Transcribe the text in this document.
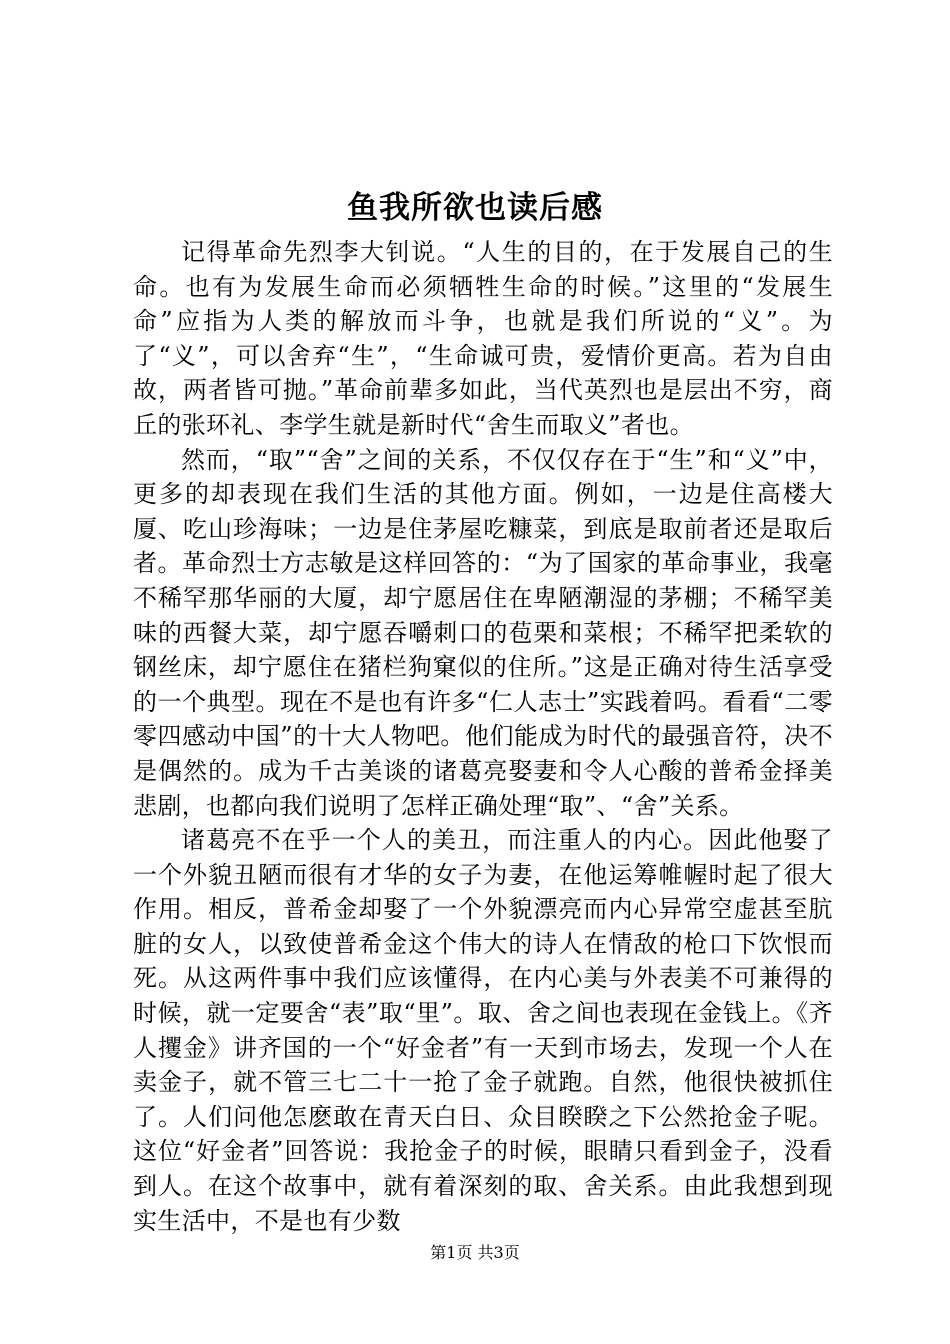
鱼我所欲也读后感

记得革命先烈李大钊说。“人生的目的，在于发展自己的生命。也有为发展生命而必须牺牲生命的时候。”这里的“发展生命”应指为人类的解放而斗争，也就是我们所说的“义”。为了“义”，可以舍弃“生”，“生命诚可贵，爱情价更高。若为自由故，两者皆可抛。”革命前辈多如此，当代英烈也是层出不穷，商丘的张环礼、李学生就是新时代“舍生而取义”者也。

然而，“取”“舍”之间的关系，不仅仅存在于“生”和“义”中，更多的却表现在我们生活的其他方面。例如，一边是住高楼大厦、吃山珍海味；一边是住茅屋吃糠菜，到底是取前者还是取后者。革命烈士方志敏是这样回答的：“为了国家的革命事业，我毫不稀罕那华丽的大厦，却宁愿居住在卑陋潮湿的茅棚；不稀罕美味的西餐大菜，却宁愿吞嚼刺口的苞栗和菜根；不稀罕把柔软的钢丝床，却宁愿住在猪栏狗窠似的住所。”这是正确对待生活享受的一个典型。现在不是也有许多“仁人志士”实践着吗。看看“二零零四感动中国”的十大人物吧。他们能成为时代的最强音符，决不是偶然的。成为千古美谈的诸葛亮娶妻和令人心酸的普希金择美悲剧，也都向我们说明了怎样正确处理“取”、“舍”关系。

诸葛亮不在乎一个人的美丑，而注重人的内心。因此他娶了一个外貌丑陋而很有才华的女子为妻，在他运筹帷幄时起了很大作用。相反，普希金却娶了一个外貌漂亮而内心异常空虚甚至肮脏的女人，以致使普希金这个伟大的诗人在情敌的枪口下饮恨而死。从这两件事中我们应该懂得，在内心美与外表美不可兼得的时候，就一定要舍“表”取“里”。取、舍之间也表现在金钱上。《齐人攫金》讲齐国的一个“好金者”有一天到市场去，发现一个人在卖金子，就不管三七二十一抢了金子就跑。自然，他很快被抓住了。人们问他怎麽敢在青天白日、众目睽睽之下公然抢金子呢。这位“好金者”回答说：我抢金子的时候，眼睛只看到金子，没看到人。在这个故事中，就有着深刻的取、舍关系。由此我想到现实生活中，不是也有少数

第1页 共3页
